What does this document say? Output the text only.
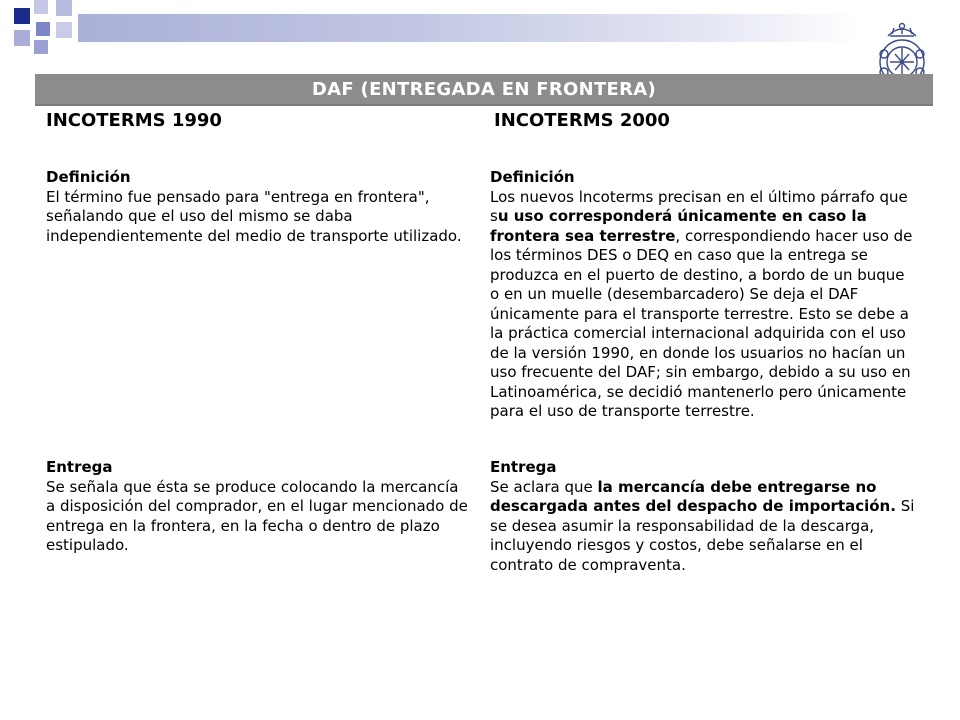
DAF (ENTREGADA EN FRONTERA)
INCOTERMS 1990	INCOTERMS 2000
Definición
El término fue pensado para "entrega en frontera", señalando que el uso del mismo se daba independientemente del medio de transporte utilizado.
Entrega
Se señala que ésta se produce colocando la mercancía a disposición del comprador, en el lugar mencionado de entrega en la frontera, en la fecha o dentro de plazo estipulado.
Definición
Los nuevos lncoterms precisan en el último párrafo que su uso corresponderá únicamente en caso la frontera sea terrestre, correspondiendo hacer uso de los términos DES o DEQ en caso que la entrega se produzca en el puerto de destino, a bordo de un buque o en un muelle (desembarcadero) Se deja el DAF únicamente para el transporte terrestre. Esto se debe a la práctica comercial internacional adquirida con el uso de la versión 1990, en donde los usuarios no hacían un uso frecuente del DAF; sin embargo, debido a su uso en Latinoamérica, se decidió mantenerlo pero únicamente para el uso de transporte terrestre.
Entrega
Se aclara que la mercancía debe entregarse no descargada antes del despacho de importación. Si se desea asumir la responsabilidad de la descarga, incluyendo riesgos y costos, debe señalarse en el contrato de compraventa.
